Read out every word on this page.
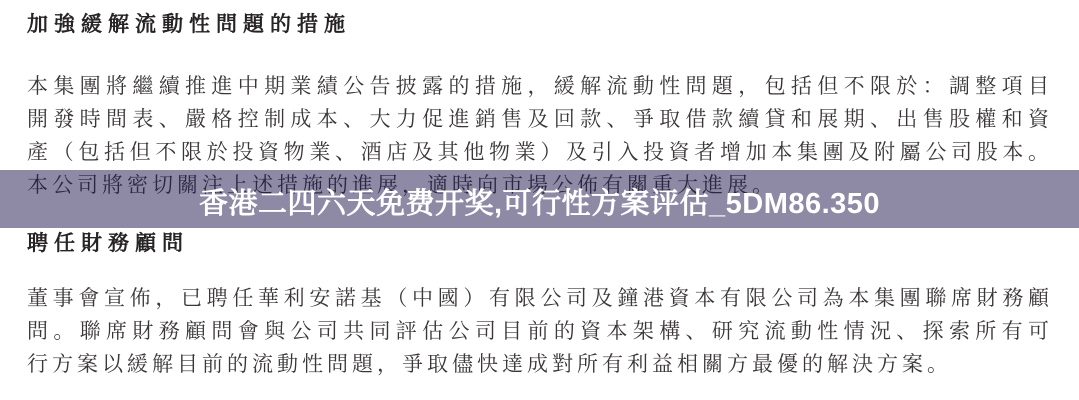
加強緩解流動性問題的措施
本集團將繼續推進中期業績公告披露的措施，緩解流動性問題，包括但不限於：調整項目
開發時間表、嚴格控制成本、大力促進銷售及回款、爭取借款續貸和展期、出售股權和資
產（包括但不限於投資物業、酒店及其他物業）及引入投資者增加本集團及附屬公司股本。
香港二四六天免费开奖,可行性方案评估_5DM86.350
聘任財務顧問
董事會宣佈，已聘任華利安諾基（中國）有限公司及鐘港資本有限公司為本集團聯席財務顧
問。聯席財務顧問會與公司共同評估公司目前的資本架構、研究流動性情況、探索所有可
行方案以緩解目前的流動性問題，爭取儘快達成對所有利益相關方最優的解決方案。
